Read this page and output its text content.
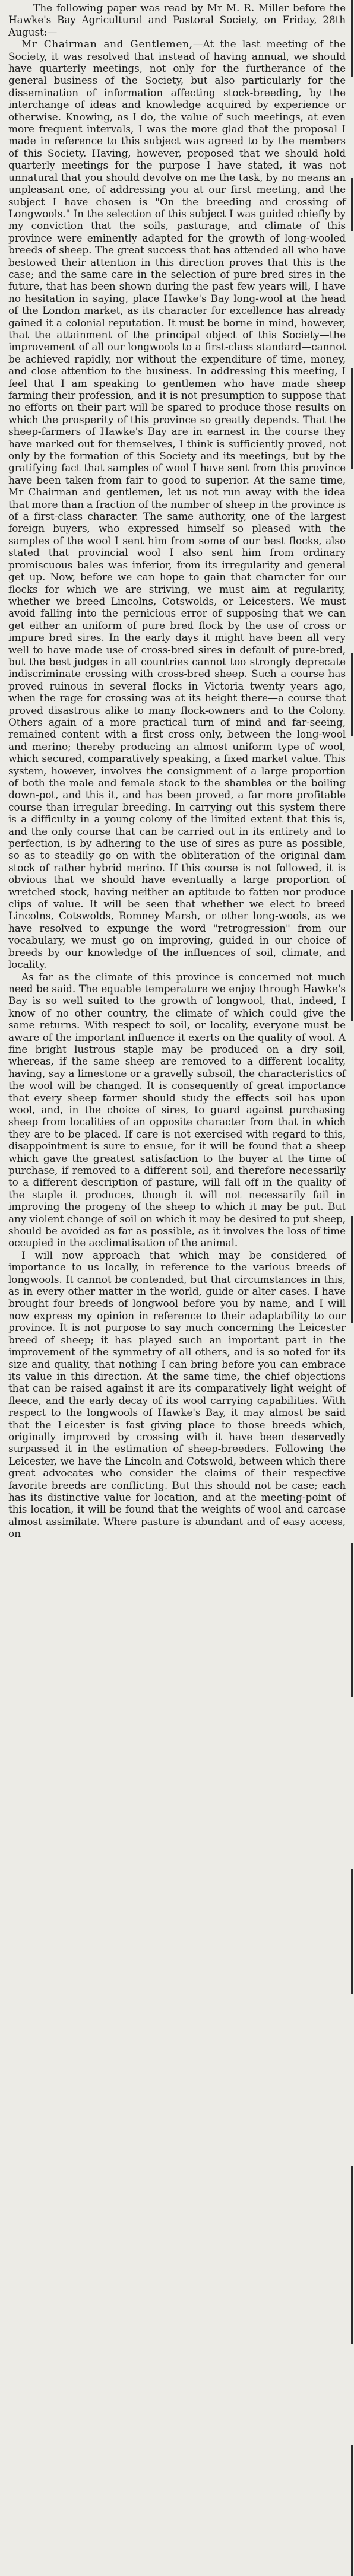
The following paper was read by Mr M. R. Miller before the Hawke's Bay Agricultural and Pastoral Society, on Friday, 28th August:—

Mr Chairman and Gentlemen,—At the last meeting of the Society, it was resolved that instead of having annual, we should have quarterly meetings, not only for the furtherance of the general business of the Society, but also particularly for the dissemination of information affecting stock-breeding, by the interchange of ideas and knowledge acquired by experience or otherwise. Knowing, as I do, the value of such meetings, at even more frequent intervals, I was the more glad that the proposal I made in reference to this subject was agreed to by the members of this Society. Having, however, proposed that we should hold quarterly meetings for the purpose I have stated, it was not unnatural that you should devolve on me the task, by no means an unpleasant one, of addressing you at our first meeting, and the subject I have chosen is "On the breeding and crossing of Longwools." In the selection of this subject I was guided chiefly by my conviction that the soils, pasturage, and climate of this province were eminently adapted for the growth of long-wooled breeds of sheep. The great success that has attended all who have bestowed their attention in this direction proves that this is the case; and the same care in the selection of pure bred sires in the future, that has been shown during the past few years will, I have no hesitation in saying, place Hawke's Bay long-wool at the head of the London market, as its character for excellence has already gained it a colonial reputation. It must be borne in mind, however, that the attainment of the principal object of this Society—the improvement of all our longwools to a first-class standard—cannot be achieved rapidly, nor without the expenditure of time, money, and close attention to the business. In addressing this meeting, I feel that I am speaking to gentlemen who have made sheep farming their profession, and it is not presumption to suppose that no efforts on their part will be spared to produce those results on which the prosperity of this province so greatly depends. That the sheep-farmers of Hawke's Bay are in earnest in the course they have marked out for themselves, I think is sufficiently proved, not only by the formation of this Society and its meetings, but by the gratifying fact that samples of wool I have sent from this province have been taken from fair to good to superior. At the same time, Mr Chairman and gentlemen, let us not run away with the idea that more than a fraction of the number of sheep in the province is of a first-class character. The same authority, one of the largest foreign buyers, who expressed himself so pleased with the samples of the wool I sent him from some of our best flocks, also stated that provincial wool I also sent him from ordinary promiscuous bales was inferior, from its irregularity and general get up. Now, before we can hope to gain that character for our flocks for which we are striving, we must aim at regularity, whether we breed Lincolns, Cotswolds, or Leicesters. We must avoid falling into the pernicious error of supposing that we can get either an uniform of pure bred flock by the use of cross or impure bred sires. In the early days it might have been all very well to have made use of cross-bred sires in default of pure-bred, but the best judges in all countries cannot too strongly deprecate indiscriminate crossing with cross-bred sheep. Such a course has proved ruinous in several flocks in Victoria twenty years ago, when the rage for crossing was at its height there—a course that proved disastrous alike to many flock-owners and to the Colony. Others again of a more practical turn of mind and far-seeing, remained content with a first cross only, between the long-wool and merino; thereby producing an almost uniform type of wool, which secured, comparatively speaking, a fixed market value. This system, however, involves the consignment of a large proportion of both the male and female stock to the shambles or the boiling down-pot, and this it, and has been proved, a far more profitable course than irregular breeding. In carrying out this system there is a difficulty in a young colony of the limited extent that this is, and the only course that can be carried out in its entirety and to perfection, is by adhering to the use of sires as pure as possible, so as to steadily go on with the obliteration of the original dam stock of rather hybrid merino. If this course is not followed, it is obvious that we should have eventually a large proportion of wretched stock, having neither an aptitude to fatten nor produce clips of value. It will be seen that whether we elect to breed Lincolns, Cotswolds, Romney Marsh, or other long-wools, as we have resolved to expunge the word "retrogression" from our vocabulary, we must go on improving, guided in our choice of breeds by our knowledge of the influences of soil, climate, and locality.

As far as the climate of this province is concerned not much need be said. The equable temperature we enjoy through Hawke's Bay is so well suited to the growth of longwool, that, indeed, I know of no other country, the climate of which could give the same returns. With respect to soil, or locality, everyone must be aware of the important influence it exerts on the quality of wool. A fine bright lustrous staple may be produced on a dry soil, whereas, if the same sheep are removed to a different locality, having, say a limestone or a gravelly subsoil, the characteristics of the wool will be changed. It is consequently of great importance that every sheep farmer should study the effects soil has upon wool, and, in the choice of sires, to guard against purchasing sheep from localities of an opposite character from that in which they are to be placed. If care is not exercised with regard to this, disappointment is sure to ensue, for it will be found that a sheep which gave the greatest satisfaction to the buyer at the time of purchase, if removed to a different soil, and therefore necessarily to a different description of pasture, will fall off in the quality of the staple it produces, though it will not necessarily fail in improving the progeny of the sheep to which it may be put. But any violent change of soil on which it may be desired to put sheep, should be avoided as far as possible, as it involves the loss of time occupied in the acclimatisation of the animal.

I will now approach that which may be considered of importance to us locally, in reference to the various breeds of longwools. It cannot be contended, but that circumstances in this, as in every other matter in the world, guide or alter cases. I have brought four breeds of longwool before you by name, and I will now express my opinion in reference to their adaptability to our province. It is not purpose to say much concerning the Leicester breed of sheep; it has played such an important part in the improvement of the symmetry of all others, and is so noted for its size and quality, that nothing I can bring before you can embrace its value in this direction. At the same time, the chief objections that can be raised against it are its comparatively light weight of fleece, and the early decay of its wool carrying capabilities. With respect to the longwools of Hawke's Bay, it may almost be said that the Leicester is fast giving place to those breeds which, originally improved by crossing with it have been deservedly surpassed it in the estimation of sheep-breeders. Following the Leicester, we have the Lincoln and Cotswold, between which there great advocates who consider the claims of their respective favorite breeds are conflicting. But this should not be case; each has its distinctive value for location, and at the meeting-point of this location, it will be found that the weights of wool and carcase almost assimilate. Where pasture is abundant and of easy access, on
